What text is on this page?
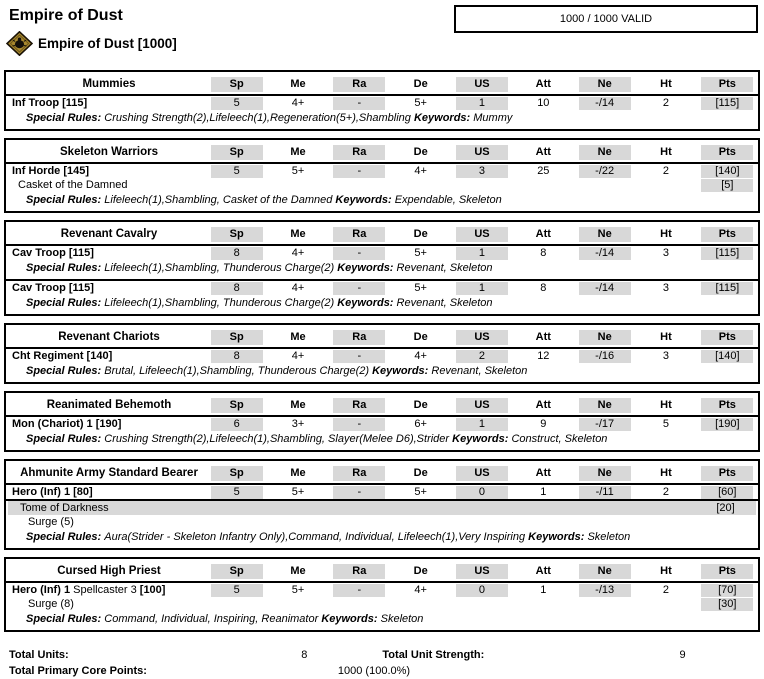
Empire of Dust
Empire of Dust [1000]
1000 / 1000 VALID
Mummies	Sp	Me	Ra	De	US	Att	Ne	Ht	Pts
Inf Troop [115]	5	4+	-	5+	1	10	-/14	2	[115]
Special Rules: Crushing Strength(2),Lifeleech(1),Regeneration(5+),Shambling Keywords: Mummy
Skeleton Warriors	Sp	Me	Ra	De	US	Att	Ne	Ht	Pts
Inf Horde [145]	5	5+	-	4+	3	25	-/22	2	[140]
Casket of the Damned	[5]
Special Rules: Lifeleech(1),Shambling, Casket of the Damned Keywords: Expendable, Skeleton
Revenant Cavalry	Sp	Me	Ra	De	US	Att	Ne	Ht	Pts
Cav Troop [115]	8	4+	-	5+	1	8	-/14	3	[115]
Special Rules: Lifeleech(1),Shambling, Thunderous Charge(2) Keywords: Revenant, Skeleton
Cav Troop [115]	8	4+	-	5+	1	8	-/14	3	[115]
Special Rules: Lifeleech(1),Shambling, Thunderous Charge(2) Keywords: Revenant, Skeleton
Revenant Chariots	Sp	Me	Ra	De	US	Att	Ne	Ht	Pts
Cht Regiment [140]	8	4+	-	4+	2	12	-/16	3	[140]
Special Rules: Brutal, Lifeleech(1),Shambling, Thunderous Charge(2) Keywords: Revenant, Skeleton
Reanimated Behemoth	Sp	Me	Ra	De	US	Att	Ne	Ht	Pts
Mon (Chariot) 1 [190]	6	3+	-	6+	1	9	-/17	5	[190]
Special Rules: Crushing Strength(2),Lifeleech(1),Shambling, Slayer(Melee D6),Strider Keywords: Construct, Skeleton
Ahmunite Army Standard Bearer	Sp	Me	Ra	De	US	Att	Ne	Ht	Pts
Hero (Inf) 1 [80]	5	5+	-	5+	0	1	-/11	2	[60]
Tome of Darkness	[20]
Surge (5)
Special Rules: Aura(Strider - Skeleton Infantry Only),Command, Individual, Lifeleech(1),Very Inspiring Keywords: Skeleton
Cursed High Priest	Sp	Me	Ra	De	US	Att	Ne	Ht	Pts
Hero (Inf) 1 Spellcaster 3 [100]	5	5+	-	4+	0	1	-/13	2	[70]
Surge (8)	[30]
Special Rules: Command, Individual, Inspiring, Reanimator Keywords: Skeleton
Total Units:	8	Total Unit Strength:	9
Total Primary Core Points:	1000 (100.0%)
